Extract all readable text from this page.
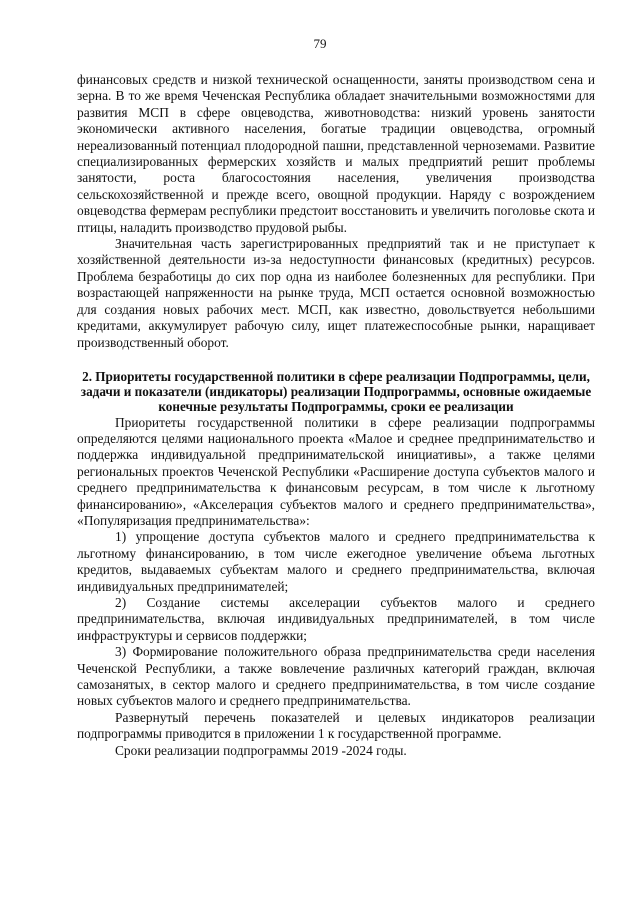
79

финансовых средств и низкой технической оснащенности, заняты производством сена и зерна. В то же время Чеченская Республика обладает значительными возможностями для развития МСП в сфере овцеводства, животноводства: низкий уровень занятости экономически активного населения, богатые традиции овцеводства, огромный нереализованный потенциал плодородной пашни, представленной черноземами. Развитие специализированных фермерских хозяйств и малых предприятий решит проблемы занятости, роста благосостояния населения, увеличения производства сельскохозяйственной и прежде всего, овощной продукции. Наряду с возрождением овцеводства фермерам республики предстоит восстановить и увеличить поголовье скота и птицы, наладить производство прудовой рыбы.

Значительная часть зарегистрированных предприятий так и не приступает к хозяйственной деятельности из-за недоступности финансовых (кредитных) ресурсов. Проблема безработицы до сих пор одна из наиболее болезненных для республики. При возрастающей напряженности на рынке труда, МСП остается основной возможностью для создания новых рабочих мест. МСП, как известно, довольствуется небольшими кредитами, аккумулирует рабочую силу, ищет платежеспособные рынки, наращивает производственный оборот.

2. Приоритеты государственной политики в сфере реализации Подпрограммы, цели, задачи и показатели (индикаторы) реализации Подпрограммы, основные ожидаемые конечные результаты Подпрограммы, сроки ее реализации

Приоритеты государственной политики в сфере реализации подпрограммы определяются целями национального проекта «Малое и среднее предпринимательство и поддержка индивидуальной предпринимательской инициативы», а также целями региональных проектов Чеченской Республики «Расширение доступа субъектов малого и среднего предпринимательства к финансовым ресурсам, в том числе к льготному финансированию», «Акселерация субъектов малого и среднего предпринимательства», «Популяризация предпринимательства»:

1) упрощение доступа субъектов малого и среднего предпринимательства к льготному финансированию, в том числе ежегодное увеличение объема льготных кредитов, выдаваемых субъектам малого и среднего предпринимательства, включая индивидуальных предпринимателей;

2) Создание системы акселерации субъектов малого и среднего предпринимательства, включая индивидуальных предпринимателей, в том числе инфраструктуры и сервисов поддержки;

3) Формирование положительного образа предпринимательства среди населения Чеченской Республики, а также вовлечение различных категорий граждан, включая самозанятых, в сектор малого и среднего предпринимательства, в том числе создание новых субъектов малого и среднего предпринимательства.

Развернутый перечень показателей и целевых индикаторов реализации подпрограммы приводится в приложении 1 к государственной программе.

Сроки реализации подпрограммы 2019 -2024 годы.
